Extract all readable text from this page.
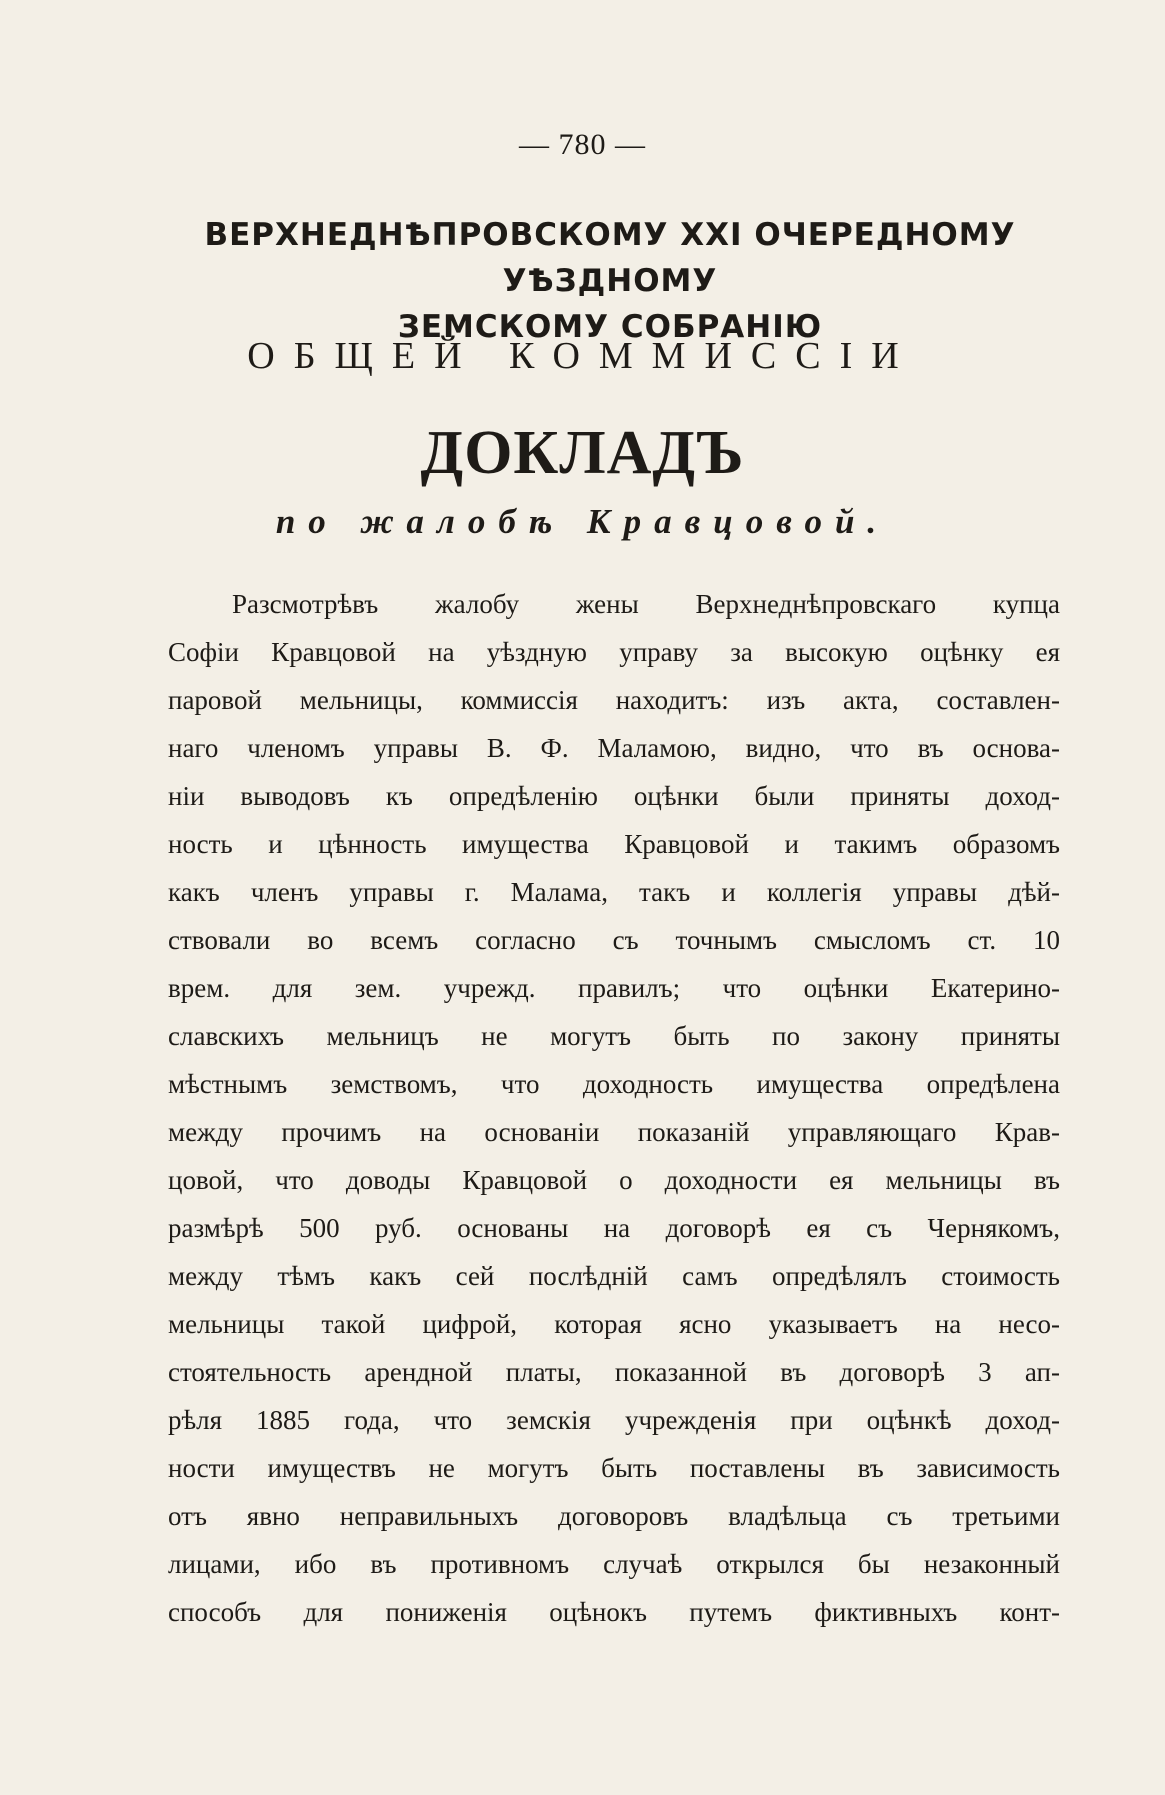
— 780 —
ВЕРХНЕДНѢПРОВСКОМУ XXI ОЧЕРЕДНОМУ УѢЗДНОМУ
ЗЕМСКОМУ СОБРАНІЮ
ОБЩЕЙ КОММИССІИ
ДОКЛАДЪ
по жалобѣ Кравцовой.
Разсмотрѣвъ жалобу жены Верхнеднѣпровскаго купца
Софіи Кравцовой на уѣздную управу за высокую оцѣнку ея
паровой мельницы, коммиссія находитъ: изъ акта, составлен-
наго членомъ управы В. Ф. Маламою, видно, что въ основа-
ніи выводовъ къ опредѣленію оцѣнки были приняты доход-
ность и цѣнность имущества Кравцовой и такимъ образомъ
какъ членъ управы г. Малама, такъ и коллегія управы дѣй-
ствовали во всемъ согласно съ точнымъ смысломъ ст. 10
врем. для зем. учрежд. правилъ; что оцѣнки Екатерино-
славскихъ мельницъ не могутъ быть по закону приняты
мѣстнымъ земствомъ, что доходность имущества опредѣлена
между прочимъ на основаніи показаній управляющаго Крав-
цовой, что доводы Кравцовой о доходности ея мельницы въ
размѣрѣ 500 руб. основаны на договорѣ ея съ Чернякомъ,
между тѣмъ какъ сей послѣдній самъ опредѣлялъ стоимость
мельницы такой цифрой, которая ясно указываетъ на несо-
стоятельность арендной платы, показанной въ договорѣ 3 ап-
рѣля 1885 года, что земскія учрежденія при оцѣнкѣ доход-
ности имуществъ не могутъ быть поставлены въ зависимость
отъ явно неправильныхъ договоровъ владѣльца съ третьими
лицами, ибо въ противномъ случаѣ открылся бы незаконный
способъ для пониженія оцѣнокъ путемъ фиктивныхъ конт-
